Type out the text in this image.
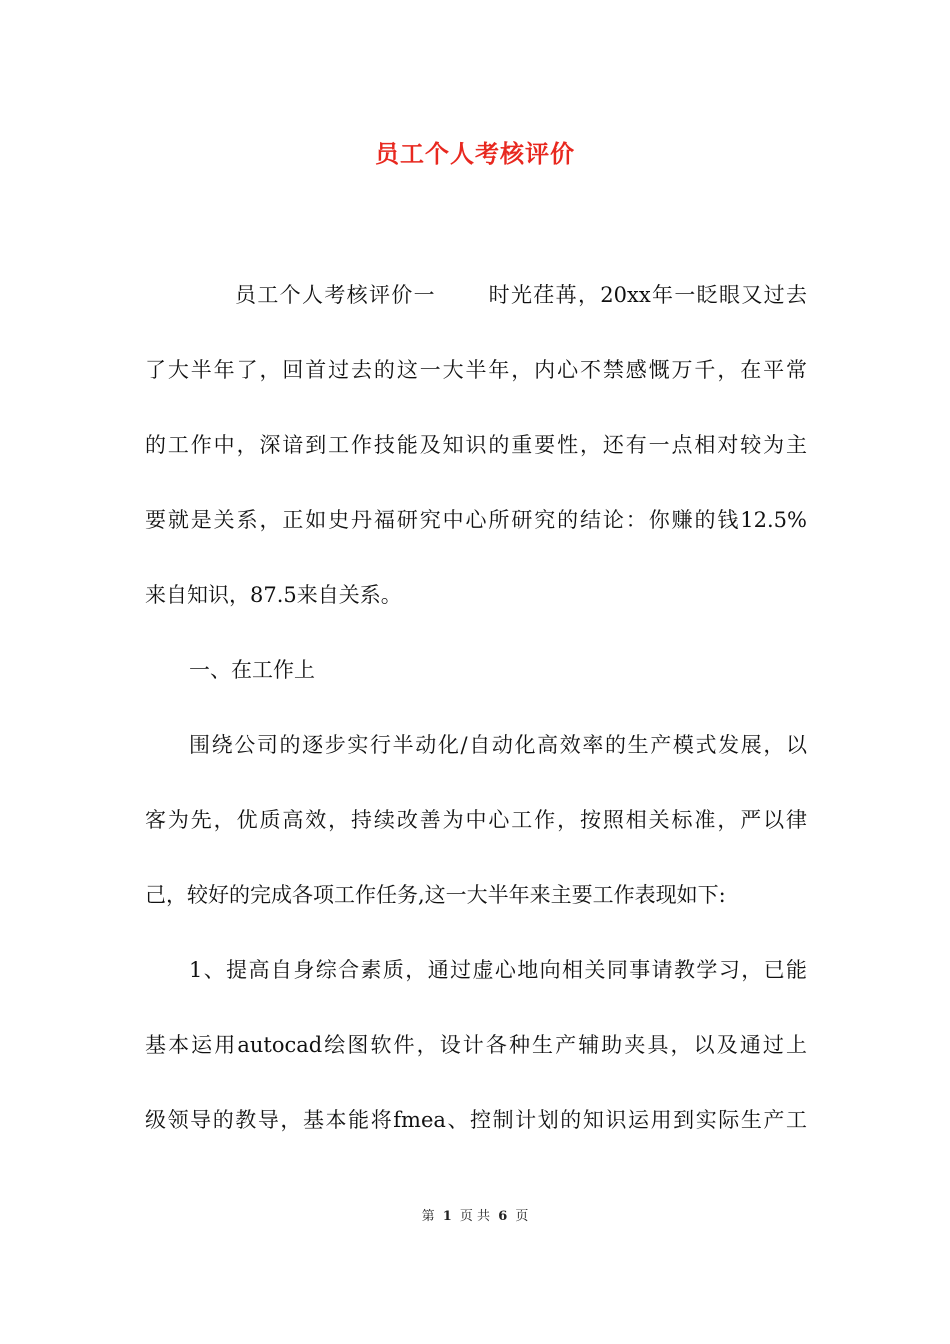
员工个人考核评价
员工个人考核评价一　　 时光荏苒，20xx年一眨眼又过去
了大半年了，回首过去的这一大半年，内心不禁感慨万千，在平常
的工作中，深谙到工作技能及知识的重要性，还有一点相对较为主
要就是关系，正如史丹福研究中心所研究的结论：你赚的钱12.5%
来自知识，87.5来自关系。
一、在工作上
围绕公司的逐步实行半动化/自动化高效率的生产模式发展，以
客为先，优质高效，持续改善为中心工作，按照相关标准，严以律
己，较好的完成各项工作任务,这一大半年来主要工作表现如下:
1、提高自身综合素质，通过虚心地向相关同事请教学习，已能
基本运用autocad绘图软件，设计各种生产辅助夹具，以及通过上
级领导的教导，基本能将fmea、控制计划的知识运用到实际生产工
第 1 页 共 6 页
